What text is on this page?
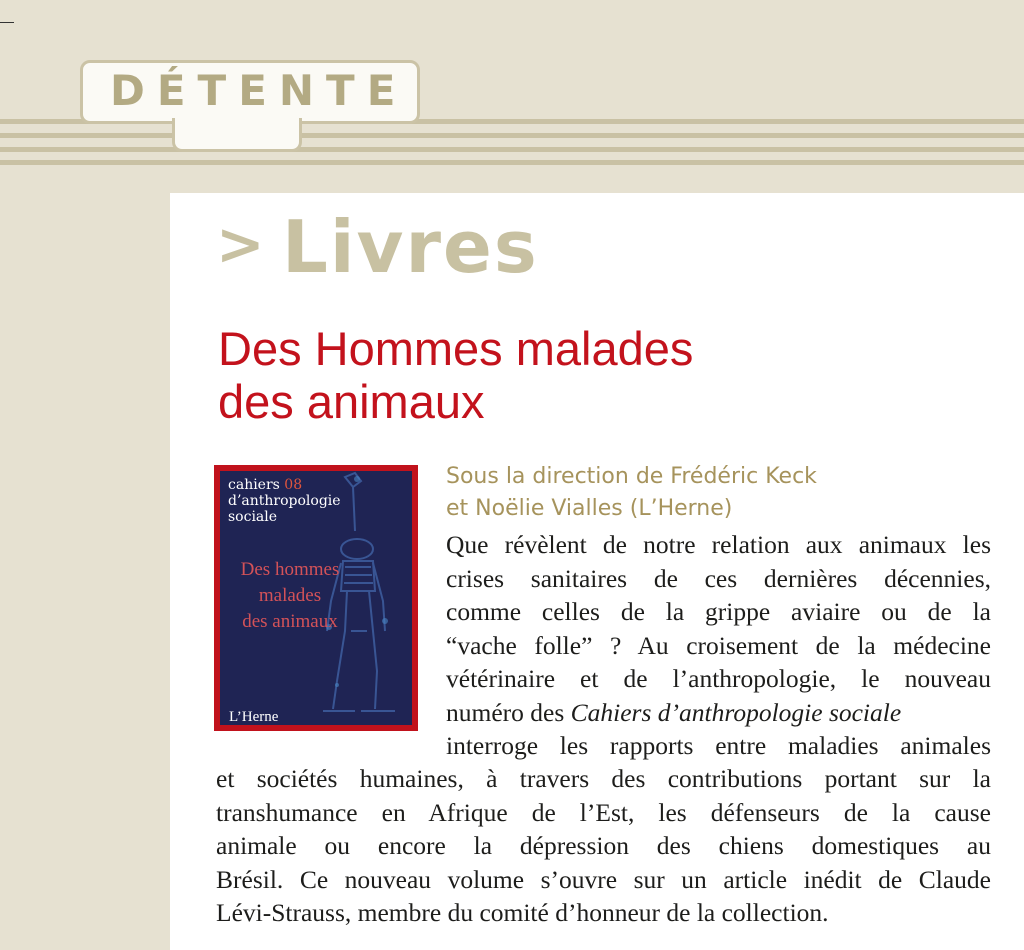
DÉTENTE
> Livres
Des Hommes malades
des animaux
cahiers 08
d’anthropologie
sociale
Des hommes
malades
des animaux
L’Herne
Sous la direction de Frédéric Keck
et Noëlie Vialles (L’Herne)
Que révèlent de notre relation aux animaux les
crises sanitaires de ces dernières décennies,
comme celles de la grippe aviaire ou de la
“vache folle” ? Au croisement de la médecine
vétérinaire et de l’anthropologie, le nouveau
numéro des Cahiers d’anthropologie sociale
interroge les rapports entre maladies animales
et sociétés humaines, à travers des contributions portant sur la
transhumance en Afrique de l’Est, les défenseurs de la cause
animale ou encore la dépression des chiens domestiques au
Brésil. Ce nouveau volume s’ouvre sur un article inédit de Claude
Lévi-Strauss, membre du comité d’honneur de la collection.
